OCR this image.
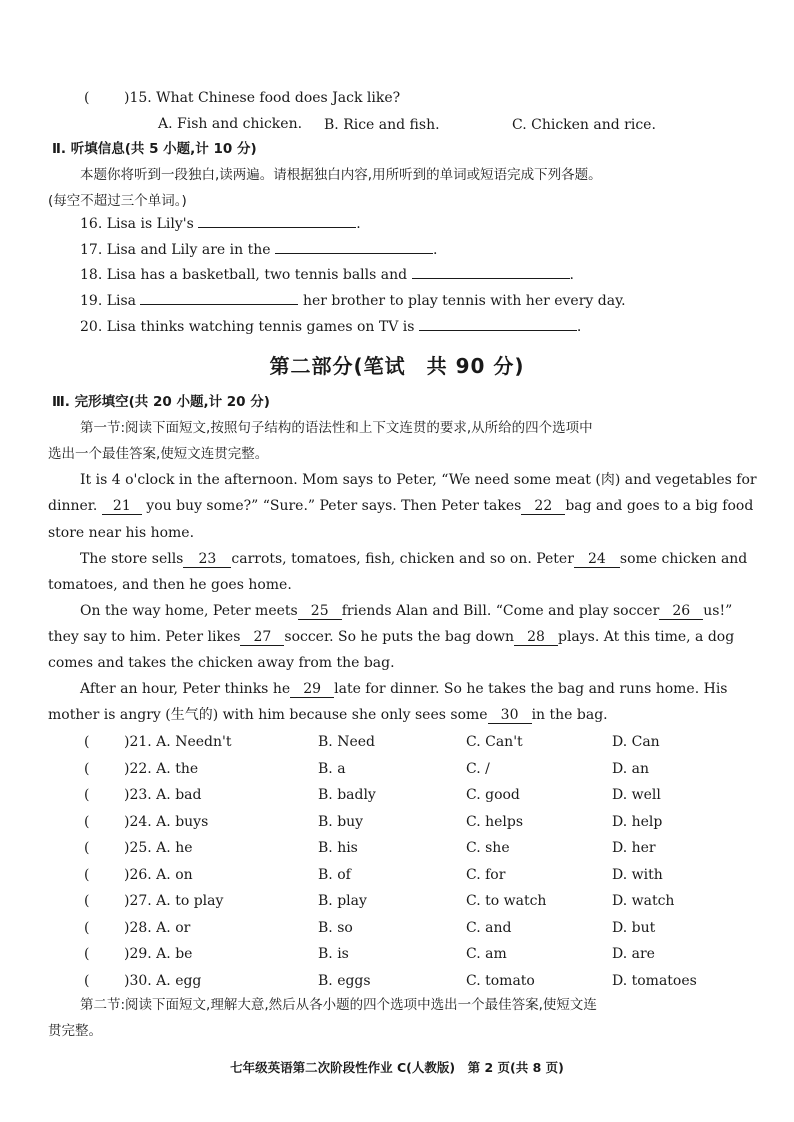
( )15. What Chinese food does Jack like?
A. Fish and chicken. B. Rice and fish.	C. Chicken and rice.
Ⅱ. 听填信息(共 5 小题,计 10 分)
本题你将听到一段独白,读两遍。请根据独白内容,用所听到的单词或短语完成下列各题。
(每空不超过三个单词。)
16. Lisa is Lily's	.
17. Lisa and Lily are in the	.
18. Lisa has a basketball, two tennis balls and	.
19. Lisa	her brother to play tennis with her every day.
20. Lisa thinks watching tennis games on TV is	.
第二部分(笔试　共 90 分)
Ⅲ. 完形填空(共 20 小题,计 20 分)
第一节:阅读下面短文,按照句子结构的语法性和上下文连贯的要求,从所给的四个选项中
选出一个最佳答案,使短文连贯完整。
It is 4 o'clock in the afternoon. Mom says to Peter, “We need some meat (肉) and vegetables for
dinner. 21 you buy some?” “Sure.” Peter says. Then Peter takes 22 bag and goes to a big food
store near his home.
The store sells 23 carrots, tomatoes, fish, chicken and so on. Peter 24 some chicken and
tomatoes, and then he goes home.
On the way home, Peter meets 25 friends Alan and Bill. “Come and play soccer 26 us!”
they say to him. Peter likes 27 soccer. So he puts the bag down 28 plays. At this time, a dog
comes and takes the chicken away from the bag.
After an hour, Peter thinks he 29 late for dinner. So he takes the bag and runs home. His
mother is angry (生气的) with him because she only sees some 30 in the bag.
( )21. A. Needn't	B. Need	C. Can't	D. Can
( )22. A. the	B. a	C. /	D. an
( )23. A. bad	B. badly	C. good	D. well
( )24. A. buys	B. buy	C. helps	D. help
( )25. A. he	B. his	C. she	D. her
( )26. A. on	B. of	C. for	D. with
( )27. A. to play	B. play	C. to watch	D. watch
( )28. A. or	B. so	C. and	D. but
( )29. A. be	B. is	C. am	D. are
( )30. A. egg	B. eggs	C. tomato	D. tomatoes
第二节:阅读下面短文,理解大意,然后从各小题的四个选项中选出一个最佳答案,使短文连
贯完整。
七年级英语第二次阶段性作业 C(人教版)　第 2 页(共 8 页)
